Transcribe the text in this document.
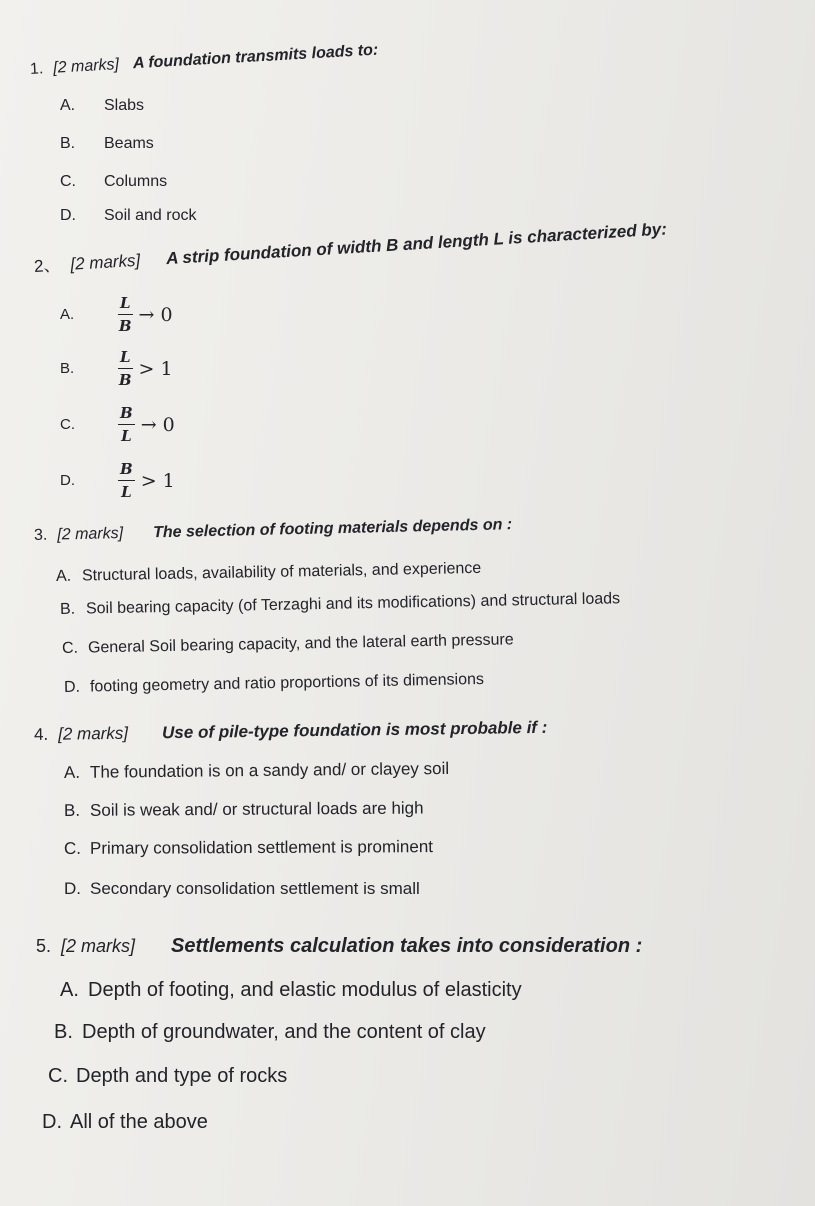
1. [2 marks] A foundation transmits loads to:
A. Slabs
B. Beams
C. Columns
D. Soil and rock
2、 [2 marks] A strip foundation of width B and length L is characterized by:
A.	$\frac{L}{B} \to 0$
B.	$\frac{L}{B} > 1$
C.	$\frac{B}{L} \to 0$
D.	$\frac{B}{L} > 1$
3. [2 marks] The selection of footing materials depends on :
A. Structural loads, availability of materials, and experience
B. Soil bearing capacity (of Terzaghi and its modifications) and structural loads
C. General Soil bearing capacity, and the lateral earth pressure
D. footing geometry and ratio proportions of its dimensions
4. [2 marks] Use of pile-type foundation is most probable if :
A. The foundation is on a sandy and/ or clayey soil
B. Soil is weak and/ or structural loads are high
C. Primary consolidation settlement is prominent
D. Secondary consolidation settlement is small
5. [2 marks] Settlements calculation takes into consideration :
A. Depth of footing, and elastic modulus of elasticity
B. Depth of groundwater, and the content of clay
C. Depth and type of rocks
D. All of the above
